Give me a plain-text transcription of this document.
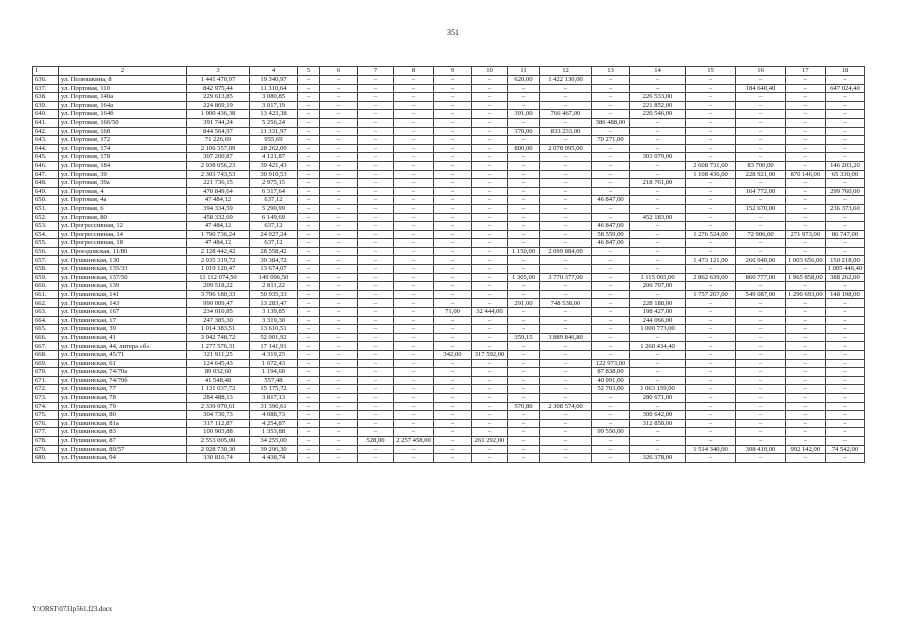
351
1	2	3	4	5	6	7	8	9	10	11	12	13	14	15	16	17	18
636.	ул. Полюшкина, 8	1 441 470,97	19 340,97	–	–	–	–	–	–	620,00	1 422 130,00	–	–	–	–	–	–
637.	ул. Портовая, 110	842 975,44	11 310,64	–	–	–	–	–	–	–	–	–	–	–	184 640,40	–	647 024,40
638.	ул. Портовая, 140а	229 613,85	3 080,85	–	–	–	–	–	–	–	–	–	226 533,00	–	–	–	–
639.	ул. Портовая, 164а	224 869,19	3 017,19	–	–	–	–	–	–	–	–	–	221 852,00	–	–	–	–
640.	ул. Портовая, 164б	1 000 436,38	13 423,38	–	–	–	–	–	–	391,00	766 467,00	–	220 546,00	–	–	–	–
641.	ул. Портовая, 166/50	391 744,24	5 256,24	–	–	–	–	–	–	–	–	386 488,00	–	–	–	–	–
642.	ул. Портовая, 168	844 564,97	11 331,97	–	–	–	–	–	–	370,00	833 233,00	–	–	–	–	–	–
643.	ул. Портовая, 172	71 226,69	955,69	–	–	–	–	–	–	–	–	70 271,00	–	–	–	–	–
644.	ул. Портовая, 174	2 106 357,09	28 262,09	–	–	–	–	–	–	800,00	2 078 095,00	–	–	–	–	–	–
645.	ул. Портовая, 178	307 200,87	4 121,87	–	–	–	–	–	–	–	–	–	303 079,00	–	–	–	–
646.	ул. Портовая, 184	2 938 056,23	39 421,43	–	–	–	–	–	–	–	–	–	–	2 608 731,60	83 700,00	–	146 203,20
647.	ул. Портовая, 39	2 303 743,53	30 910,53	–	–	–	–	–	–	–	–	–	–	1 108 436,00	228 921,00	870 146,00	65 330,00
648.	ул. Портовая, 39а	221 736,15	2 975,15	–	–	–	–	–	–	–	–	–	218 761,00	–	–	–	–
649.	ул. Портовая, 4	470 849,64	6 317,64	–	–	–	–	–	–	–	–	–	–	–	164 772,00	–	299 760,00
650.	ул. Портовая, 4а	47 484,12	637,12	–	–	–	–	–	–	–	–	46 847,00	–	–	–	–	–
651.	ул. Портовая, 6	394 334,59	5 290,99	–	–	–	–	–	–	–	–	–	–	–	152 670,00	–	236 373,60
652.	ул. Портовая, 80	458 332,69	6 149,69	–	–	–	–	–	–	–	–	–	452 183,00	–	–	–	–
653.	ул. Прогрессивная, 12	47 484,12	637,12	–	–	–	–	–	–	–	–	46 847,00	–	–	–	–	–
654.	ул. Прогрессивная, 14	1 790 736,24	24 027,24	–	–	–	–	–	–	–	–	58 559,00	–	1 276 524,00	72 906,00	271 973,00	86 747,00
655.	ул. Прогрессивная, 18	47 484,12	637,12	–	–	–	–	–	–	–	–	46 847,00	–	–	–	–	–
656.	ул. Проездовская, 11/80	2 128 442,42	28 558,42	–	–	–	–	–	–	1 150,00	2 099 884,00	–	–	–	–	–	–
657.	ул. Пушкинская, 130	2 935 319,72	39 384,72	–	–	–	–	–	–	–	–	–	–	1 473 121,00	266 940,00	1 003 656,00	150 218,00
658.	ул. Пушкинская, 135/33	1 019 120,47	13 674,07	–	–	–	–	–	–	–	–	–	–	–	–	–	1 005 446,40
659.	ул. Пушкинская, 137/50	11 112 074,50	149 096,50	–	–	–	–	–	–	1 305,00	3 770 377,00	–	1 115 065,00	2 862 639,00	860 777,00	1 965 858,00	388 262,00
660.	ул. Пушкинская, 139	209 518,22	2 811,22	–	–	–	–	–	–	–	–	–	206 707,00	–	–	–	–
661.	ул. Пушкинская, 141	3 796 180,33	50 935,33	–	–	–	–	–	–	–	–	–	–	1 757 267,00	549 087,00	1 290 693,00	148 198,00
662.	ул. Пушкинская, 143	990 009,47	13 283,47	–	–	–	–	–	–	291,00	748 538,00	–	228 188,00	–	–	–	–
663.	ул. Пушкинская, 167	234 010,85	3 139,85	–	–	–	–	71,00	32 444,00	–	–	–	198 427,00	–	–	–	–
664.	ул. Пушкинская, 17	247 385,30	3 319,30	–	–	–	–	–	–	–	–	–	244 066,00	–	–	–	–
665.	ул. Пушкинская, 39	1 014 383,51	13 610,51	–	–	–	–	–	–	–	–	–	1 000 773,00	–	–	–	–
666.	ул. Пушкинская, 41	3 942 748,72	52 901,92	–	–	–	–	–	–	359,15	3 889 846,80	–	–	–	–	–	–
667.	ул. Пушкинская, 44, литера «б»	1 277 576,31	17 141,91	–	–	–	–	–	–	–	–	–	1 260 434,40	–	–	–	–
668.	ул. Пушкинская, 45/71	321 911,25	4 319,25	–	–	–	–	342,00	317 592,00	–	–	–	–	–	–	–	–
669.	ул. Пушкинская, 61	124 645,43	1 672,43	–	–	–	–	–	–	–	–	122 973,00	–	–	–	–	–
670.	ул. Пушкинская, 74/70а	89 032,60	1 194,60	–	–	–	–	–	–	–	–	87 838,00	–	–	–	–	–
671.	ул. Пушкинская, 74/70б	41 548,48	557,48	–	–	–	–	–	–	–	–	40 991,00	–	–	–	–	–
672.	ул. Пушкинская, 77	1 131 037,72	15 175,72	–	–	–	–	–	–	–	–	52 703,00	1 063 159,00	–	–	–	–
673.	ул. Пушкинская, 78	284 488,13	3 817,13	–	–	–	–	–	–	–	–	–	280 671,00	–	–	–	–
674.	ул. Пушкинская, 79	2 339 970,61	31 396,61	–	–	–	–	–	–	570,80	2 308 574,00	–	–	–	–	–	–
675.	ул. Пушкинская, 80	304 730,73	4 088,73	–	–	–	–	–	–	–	–	–	300 642,00	–	–	–	–
676.	ул. Пушкинская, 81а	317 112,87	4 254,87	–	–	–	–	–	–	–	–	–	312 858,00	–	–	–	–
677.	ул. Пушкинская, 83	100 903,88	1 353,88	–	–	–	–	–	–	–	–	99 550,00	–	–	–	–	–
678.	ул. Пушкинская, 87	2 553 005,00	34 255,00	–	–	528,00	2 257 458,00	–	261 292,00	–	–	–	–	–	–	–	–
679.	ул. Пушкинская, 89/57	2 928 730,30	39 296,30	–	–	–	–	–	–	–	–	–	–	1 514 340,00	308 410,00	992 142,00	74 542,00
680.	ул. Пушкинская, 94	330 816,74	4 438,74	–	–	–	–	–	–	–	–	–	326 378,00	–	–	–	–
Y:\ORST\0731p561.f23.docx
